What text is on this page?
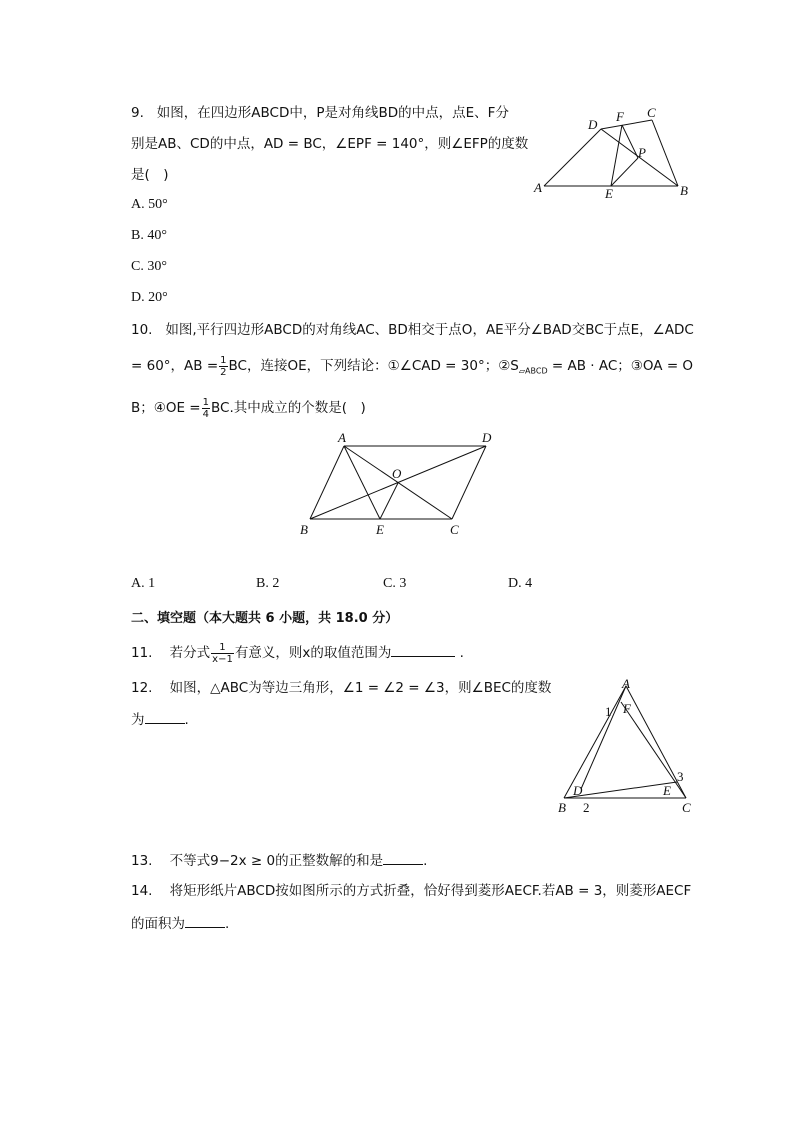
9. 如图，在四边形ABCD中，P是对角线BD的中点，点E、F分
别是AB、CD的中点，AD = BC，∠EPF = 140°，则∠EFP的度数
是( )
A. 50°
B. 40°
C. 30°
D. 20°
D
F C
P
A	E	B
10. 如图,平行四边形ABCD的对角线AC、BD相交于点O，AE平分∠BAD交BC于点E，∠ADC
= 60°，AB = $\frac{1}{2}$ BC，连接OE，下列结论：①∠CAD = 30°；$②S_{▱ABCD}$ = AB · AC；③OA = O
B；④OE = $\frac{1}{4}$ BC.其中成立的个数是( )
A	D
O
B	E	C
A. 1	B. 2	C. 3	D. 4
二、填空题（本大题共 6 小题，共 18.0 分）
11. 若分式 $\frac{1}{x-1}$ 有意义，则x的取值范围为	.
12. 如图，△ABC为等边三角形，∠1 = ∠2 = ∠3，则∠BEC的度数
为	.
A
1 F
3
D	E
B 2	C
13. 不等式9−2x ≥ 0的正整数解的和是	.
14. 将矩形纸片ABCD按如图所示的方式折叠，恰好得到菱形AECF.若AB = 3，则菱形AECF
的面积为	.
